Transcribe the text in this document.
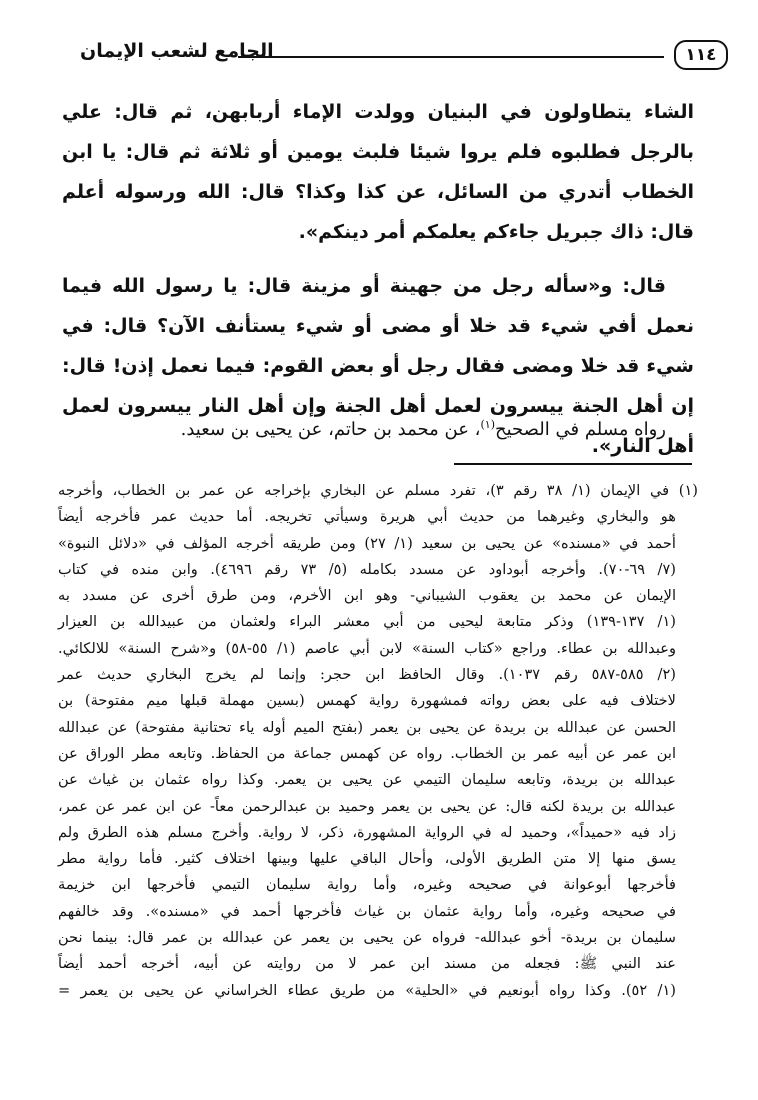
الجامع لشعب الإيمان	١١٤

الشاء يتطاولون في البنيان وولدت الإماء أربابهن، ثم قال: علي بالرجل فطلبوه فلم يروا شيئا فلبث يومين أو ثلاثة ثم قال: يا ابن الخطاب أتدري من السائل، عن كذا وكذا؟ قال: الله ورسوله أعلم قال: ذاك جبريل جاءكم يعلمكم أمر دينكم».

قال: و«سأله رجل من جهينة أو مزينة قال: يا رسول الله فيما نعمل أفي شيء قد خلا أو مضى أو شيء يستأنف الآن؟ قال: في شيء قد خلا ومضى فقال رجل أو بعض القوم: فيما نعمل إذن! قال: إن أهل الجنة ييسرون لعمل أهل الجنة وإن أهل النار ييسرون لعمل أهل النار».

رواه مسلم في الصحيح$^{(١)}$، عن محمد بن حاتم، عن يحيى بن سعيد.
(١) في الإيمان (١/ ٣٨ رقم ٣)، تفرد مسلم عن البخاري بإخراجه عن عمر بن الخطاب، وأخرجه
هو والبخاري وغيرهما من حديث أبي هريرة وسيأتي تخريجه. أما حديث عمر فأخرجه أيضاً
أحمد في «مسنده» عن يحيى بن سعيد (١/ ٢٧) ومن طريقه أخرجه المؤلف في «دلائل النبوة»
(٧/ ٦٩-٧٠). وأخرجه أبوداود عن مسدد بكامله (٥/ ٧٣ رقم ٤٦٩٦). وابن منده في كتاب
الإيمان عن محمد بن يعقوب الشيباني- وهو ابن الأخرم، ومن طرق أخرى عن مسدد به
(١/ ١٣٧-١٣٩) وذكر متابعة ليحيى من أبي معشر البراء ولعثمان من عبيدالله بن العيزار
وعبدالله بن عطاء. وراجع «كتاب السنة» لابن أبي عاصم (١/ ٥٥-٥٨) و«شرح السنة» للالكائي.
(٢/ ٥٨٥-٥٨٧ رقم ١٠٣٧). وقال الحافظ ابن حجر: وإنما لم يخرج البخاري حديث عمر
لاختلاف فيه على بعض رواته فمشهورة رواية كهمس (بسين مهملة قبلها ميم مفتوحة) بن
الحسن عن عبدالله بن بريدة عن يحيى بن يعمر (بفتح الميم أوله ياء تحتانية مفتوحة) عن عبدالله
ابن عمر عن أبيه عمر بن الخطاب. رواه عن كهمس جماعة من الحفاظ. وتابعه مطر الوراق عن
عبدالله بن بريدة، وتابعه سليمان التيمي عن يحيى بن يعمر. وكذا رواه عثمان بن غياث عن
عبدالله بن بريدة لكنه قال: عن يحيى بن يعمر وحميد بن عبدالرحمن معاً- عن ابن عمر عن عمر،
زاد فيه «حميداً»، وحميد له في الرواية المشهورة، ذكر، لا رواية. وأخرج مسلم هذه الطرق ولم
يسق منها إلا متن الطريق الأولى، وأحال الباقي عليها وبينها اختلاف كثير. فأما رواية مطر
فأخرجها أبوعوانة في صحيحه وغيره، وأما رواية سليمان التيمي فأخرجها ابن خزيمة
في صحيحه وغيره، وأما رواية عثمان بن غياث فأخرجها أحمد في «مسنده». وقد خالفهم
سليمان بن بريدة- أخو عبدالله- فرواه عن يحيى بن يعمر عن عبدالله بن عمر قال: بينما نحن
عند النبي ﷺ: فجعله من مسند ابن عمر لا من روايته عن أبيه، أخرجه أحمد أيضاً
(١/ ٥٢). وكذا رواه أبونعيم في «الحلية» من طريق عطاء الخراساني عن يحيى بن يعمر =
